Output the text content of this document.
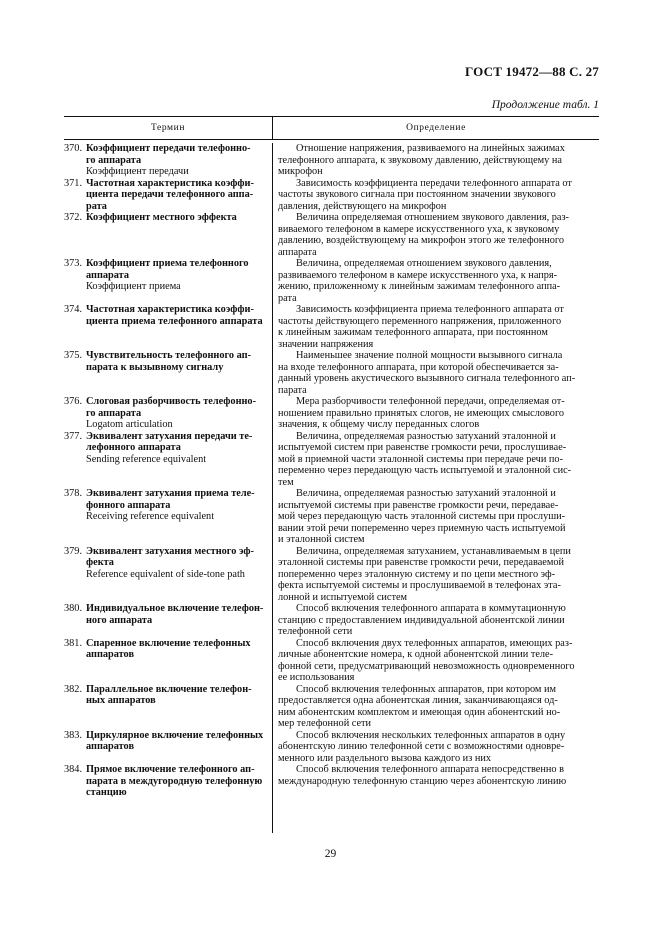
ГОСТ 19472—88 С. 27
Продолжение табл. 1
Термин	Определение
370. Коэффициент передачи телефонно-
го аппарата
Коэффициент передачи
Отношение напряжения, развиваемого на линейных зажимах
телефонного аппарата, к звуковому давлению, действующему на
микрофон
371. Частотная характеристика коэффи-
циента передачи телефонного аппа-
рата
Зависимость коэффициента передачи телефонного аппарата от
частоты звукового сигнала при постоянном значении звукового
давления, действующего на микрофон
372. Коэффициент местного эффекта	Величина определяемая отношением звукового давления, раз-
виваемого телефоном в камере искусственного уха, к звуковому
давлению, воздействующему на микрофон этого же телефонного
аппарата
373. Коэффициент приема телефонного
аппарата
Коэффициент приема
Величина, определяемая отношением звукового давления,
развиваемого телефоном в камере искусственного уха, к напря-
жению, приложенному к линейным зажимам телефонного аппа-
рата
374. Частотная характеристика коэффи-
циента приема телефонного аппарата
Зависимость коэффициента приема телефонного аппарата от
частоты действующего переменного напряжения, приложенного
к линейным зажимам телефонного аппарата, при постоянном
значении напряжения
375. Чувствительность телефонного ап-
парата к вызывному сигналу
Наименьшее значение полной мощности вызывного сигнала
на входе телефонного аппарата, при которой обеспечивается за-
данный уровень акустического вызывного сигнала телефонного ап-
парата
376. Слоговая разборчивость телефонно-
го аппарата
Logatom articulation
Мера разборчивости телефонной передачи, определяемая от-
ношением правильно принятых слогов, не имеющих смыслового
значения, к общему числу переданных слогов
377. Эквивалент затухания передачи те-
лефонного аппарата
Sending reference equivalent
Величина, определяемая разностью затуханий эталонной и
испытуемой систем при равенстве громкости речи, прослушивае-
мой в приемной части эталонной системы при передаче речи по-
переменно через передающую часть испытуемой и эталонной сис-
тем
378. Эквивалент затухания приема теле-
фонного аппарата
Receiving reference equivalent
Величина, определяемая разностью затуханий эталонной и
испытуемой системы при равенстве громкости речи, передавае-
мой через передающую часть эталонной системы при прослуши-
вании этой речи попеременно через приемную часть испытуемой
и эталонной систем
379. Эквивалент затухания местного эф-
фекта
Reference equivalent of side-tone path
Величина, определяемая затуханием, устанавливаемым в цепи
эталонной системы при равенстве громкости речи, передаваемой
попеременно через эталонную систему и по цепи местного эф-
фекта испытуемой системы и прослушиваемой в телефонах эта-
лонной и испытуемой систем
380. Индивидуальное включение телефон-
ного аппарата
Способ включения телефонного аппарата в коммутационную
станцию с предоставлением индивидуальной абонентской линии
телефонной сети
381. Спаренное включение телефонных
аппаратов
Способ включения двух телефонных аппаратов, имеющих раз-
личные абонентские номера, к одной абонентской линии теле-
фонной сети, предусматривающий невозможность одновременного
ее использования
382. Параллельное включение телефон-
ных аппаратов
Способ включения телефонных аппаратов, при котором им
предоставляется одна абонентская линия, заканчивающаяся од-
ним абонентским комплектом и имеющая один абонентский но-
мер телефонной сети
383. Циркулярное включение телефонных
аппаратов
Способ включения нескольких телефонных аппаратов в одну
абонентскую линию телефонной сети с возможностями одновре-
менного или раздельного вызова каждого из них
384. Прямое включение телефонного ап-
парата в междугородную телефонную
станцию
Способ включения телефонного аппарата непосредственно в
международную телефонную станцию через абонентскую линию
29
